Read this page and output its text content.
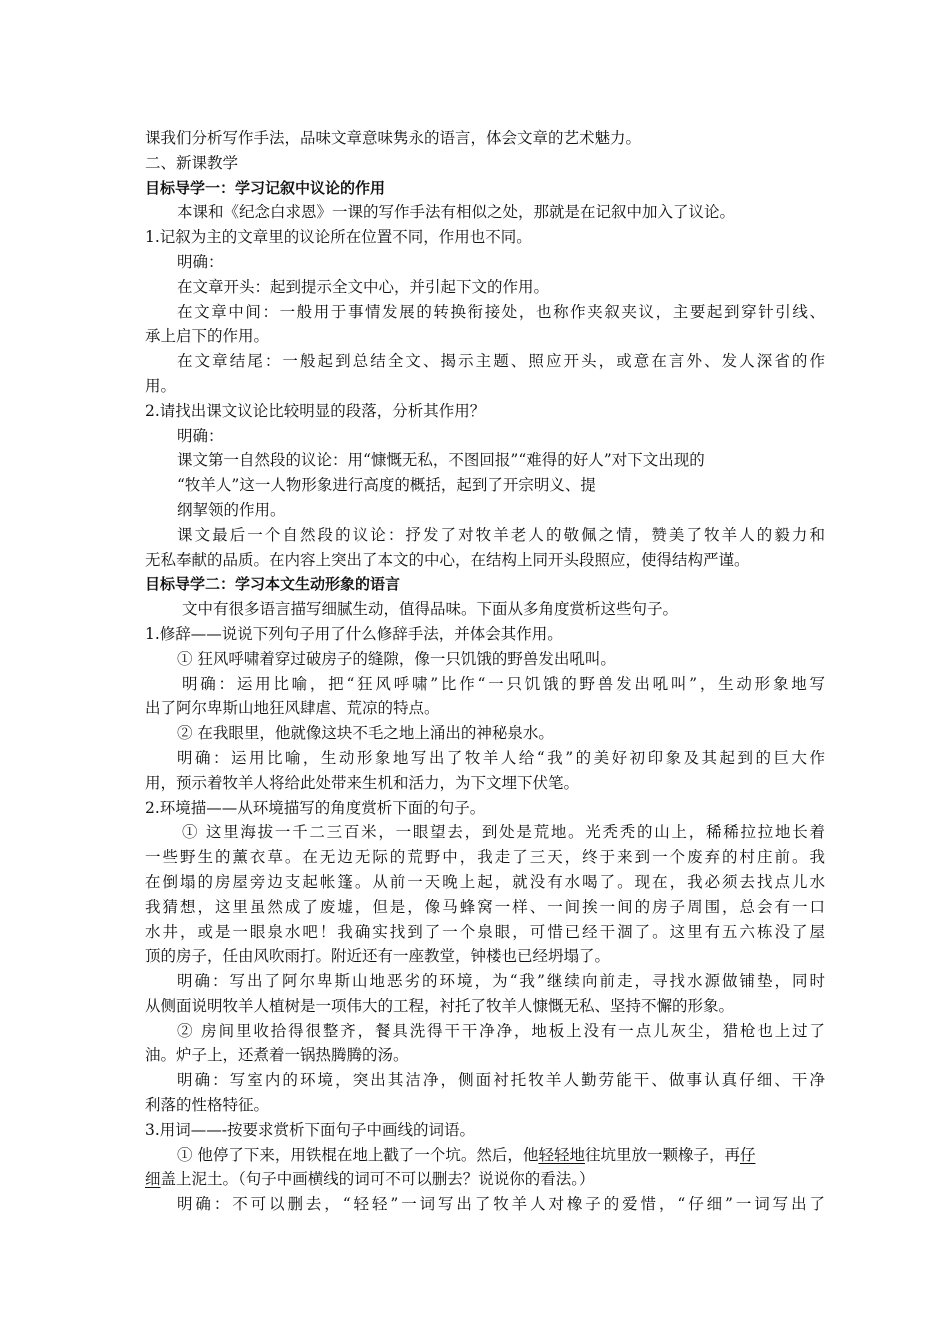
课我们分析写作手法，品味文章意味隽永的语言，体会文章的艺术魅力。
二、新课教学
目标导学一：学习记叙中议论的作用
本课和《纪念白求恩》一课的写作手法有相似之处，那就是在记叙中加入了议论。
1.记叙为主的文章里的议论所在位置不同，作用也不同。
明确：
在文章开头：起到提示全文中心，并引起下文的作用。
在文章中间：一般用于事情发展的转换衔接处，也称作夹叙夹议，主要起到穿针引线、
承上启下的作用。
在文章结尾：一般起到总结全文、揭示主题、照应开头，或意在言外、发人深省的作
用。
2.请找出课文议论比较明显的段落，分析其作用？
明确：
课文第一自然段的议论：用“慷慨无私，不图回报”“难得的好人”对下文出现的
“牧羊人”这一人物形象进行高度的概括，起到了开宗明义、提
纲挈领的作用。
课文最后一个自然段的议论：抒发了对牧羊老人的敬佩之情，赞美了牧羊人的毅力和
无私奉献的品质。在内容上突出了本文的中心，在结构上同开头段照应，使得结构严谨。
目标导学二：学习本文生动形象的语言
文中有很多语言描写细腻生动，值得品味。下面从多角度赏析这些句子。
1.修辞——说说下列句子用了什么修辞手法，并体会其作用。
① 狂风呼啸着穿过破房子的缝隙，像一只饥饿的野兽发出吼叫。
明确：运用比喻，把“狂风呼啸”比作“一只饥饿的野兽发出吼叫”，生动形象地写
出了阿尔卑斯山地狂风肆虐、荒凉的特点。
② 在我眼里，他就像这块不毛之地上涌出的神秘泉水。
明确：运用比喻，生动形象地写出了牧羊人给“我”的美好初印象及其起到的巨大作
用，预示着牧羊人将给此处带来生机和活力，为下文埋下伏笔。
2.环境描——从环境描写的角度赏析下面的句子。
① 这里海拔一千二三百米，一眼望去，到处是荒地。光秃秃的山上，稀稀拉拉地长着
一些野生的薰衣草。在无边无际的荒野中，我走了三天，终于来到一个废弃的村庄前。我
在倒塌的房屋旁边支起帐篷。从前一天晚上起，就没有水喝了。现在，我必须去找点儿水
我猜想，这里虽然成了废墟，但是，像马蜂窝一样、一间挨一间的房子周围，总会有一口
水井，或是一眼泉水吧！我确实找到了一个泉眼，可惜已经干涸了。这里有五六栋没了屋
顶的房子，任由风吹雨打。附近还有一座教堂，钟楼也已经坍塌了。
明确：写出了阿尔卑斯山地恶劣的环境，为“我”继续向前走，寻找水源做铺垫，同时
从侧面说明牧羊人植树是一项伟大的工程，衬托了牧羊人慷慨无私、坚持不懈的形象。
② 房间里收拾得很整齐，餐具洗得干干净净，地板上没有一点儿灰尘，猎枪也上过了
油。炉子上，还煮着一锅热腾腾的汤。
明确：写室内的环境，突出其洁净，侧面衬托牧羊人勤劳能干、做事认真仔细、干净
利落的性格特征。
3.用词——-按要求赏析下面句子中画线的词语。
① 他停了下来，用铁棍在地上戳了一个坑。然后，他轻轻地往坑里放一颗橡子，再仔
细盖上泥土。（句子中画横线的词可不可以删去？说说你的看法。）
明确：不可以删去，“轻轻”一词写出了牧羊人对橡子的爱惜，“仔细”一词写出了
